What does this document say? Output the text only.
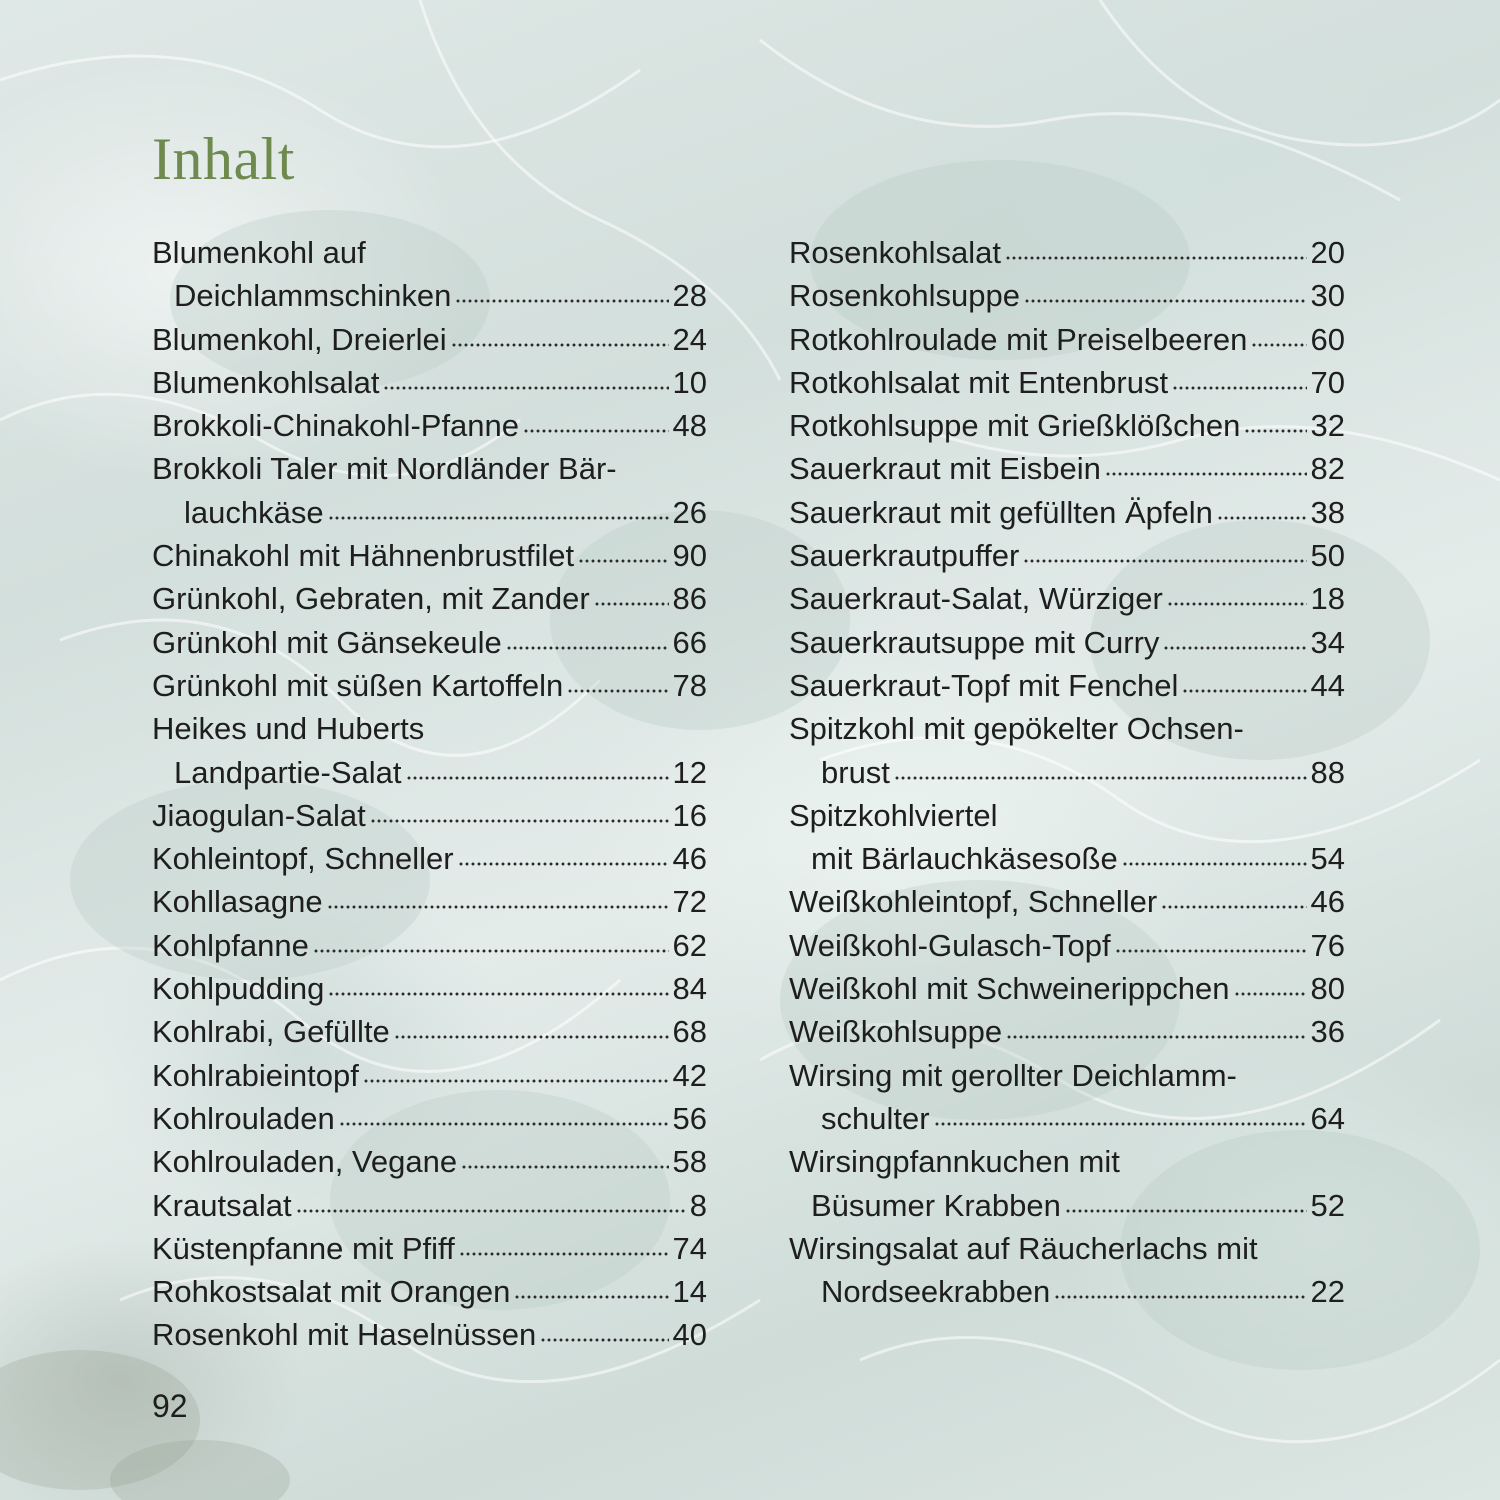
Inhalt
Blumenkohl auf
Deichlammschinken	28
Blumenkohl, Dreierlei	24
Blumenkohlsalat	10
Brokkoli-Chinakohl-Pfanne	48
Brokkoli Taler mit Nordländer Bär-
lauchkäse	26
Chinakohl mit Hähnenbrustfilet	90
Grünkohl, Gebraten, mit Zander	86
Grünkohl mit Gänsekeule	66
Grünkohl mit süßen Kartoffeln	78
Heikes und Huberts
Landpartie-Salat	12
Jiaogulan-Salat	16
Kohleintopf, Schneller	46
Kohllasagne	72
Kohlpfanne	62
Kohlpudding	84
Kohlrabi, Gefüllte	68
Kohlrabieintopf	42
Kohlrouladen	56
Kohlrouladen, Vegane	58
Krautsalat	8
Küstenpfanne mit Pfiff	74
Rohkostsalat mit Orangen	14
Rosenkohl mit Haselnüssen	40
Rosenkohlsalat	20
Rosenkohlsuppe	30
Rotkohlroulade mit Preiselbeeren 60
Rotkohlsalat mit Entenbrust	70
Rotkohlsuppe mit Grießklößchen 32
Sauerkraut mit Eisbein	82
Sauerkraut mit gefüllten Äpfeln	38
Sauerkrautpuffer	50
Sauerkraut-Salat, Würziger	18
Sauerkrautsuppe mit Curry	34
Sauerkraut-Topf mit Fenchel	44
Spitzkohl mit gepökelter Ochsen-
brust	88
Spitzkohlviertel
mit Bärlauchkäsesoße	54
Weißkohleintopf, Schneller	46
Weißkohl-Gulasch-Topf	76
Weißkohl mit Schweinerippchen	80
Weißkohlsuppe	36
Wirsing mit gerollter Deichlamm-
schulter	64
Wirsingpfannkuchen mit
Büsumer Krabben	52
Wirsingsalat auf Räucherlachs mit
Nordseekrabben	22
92
